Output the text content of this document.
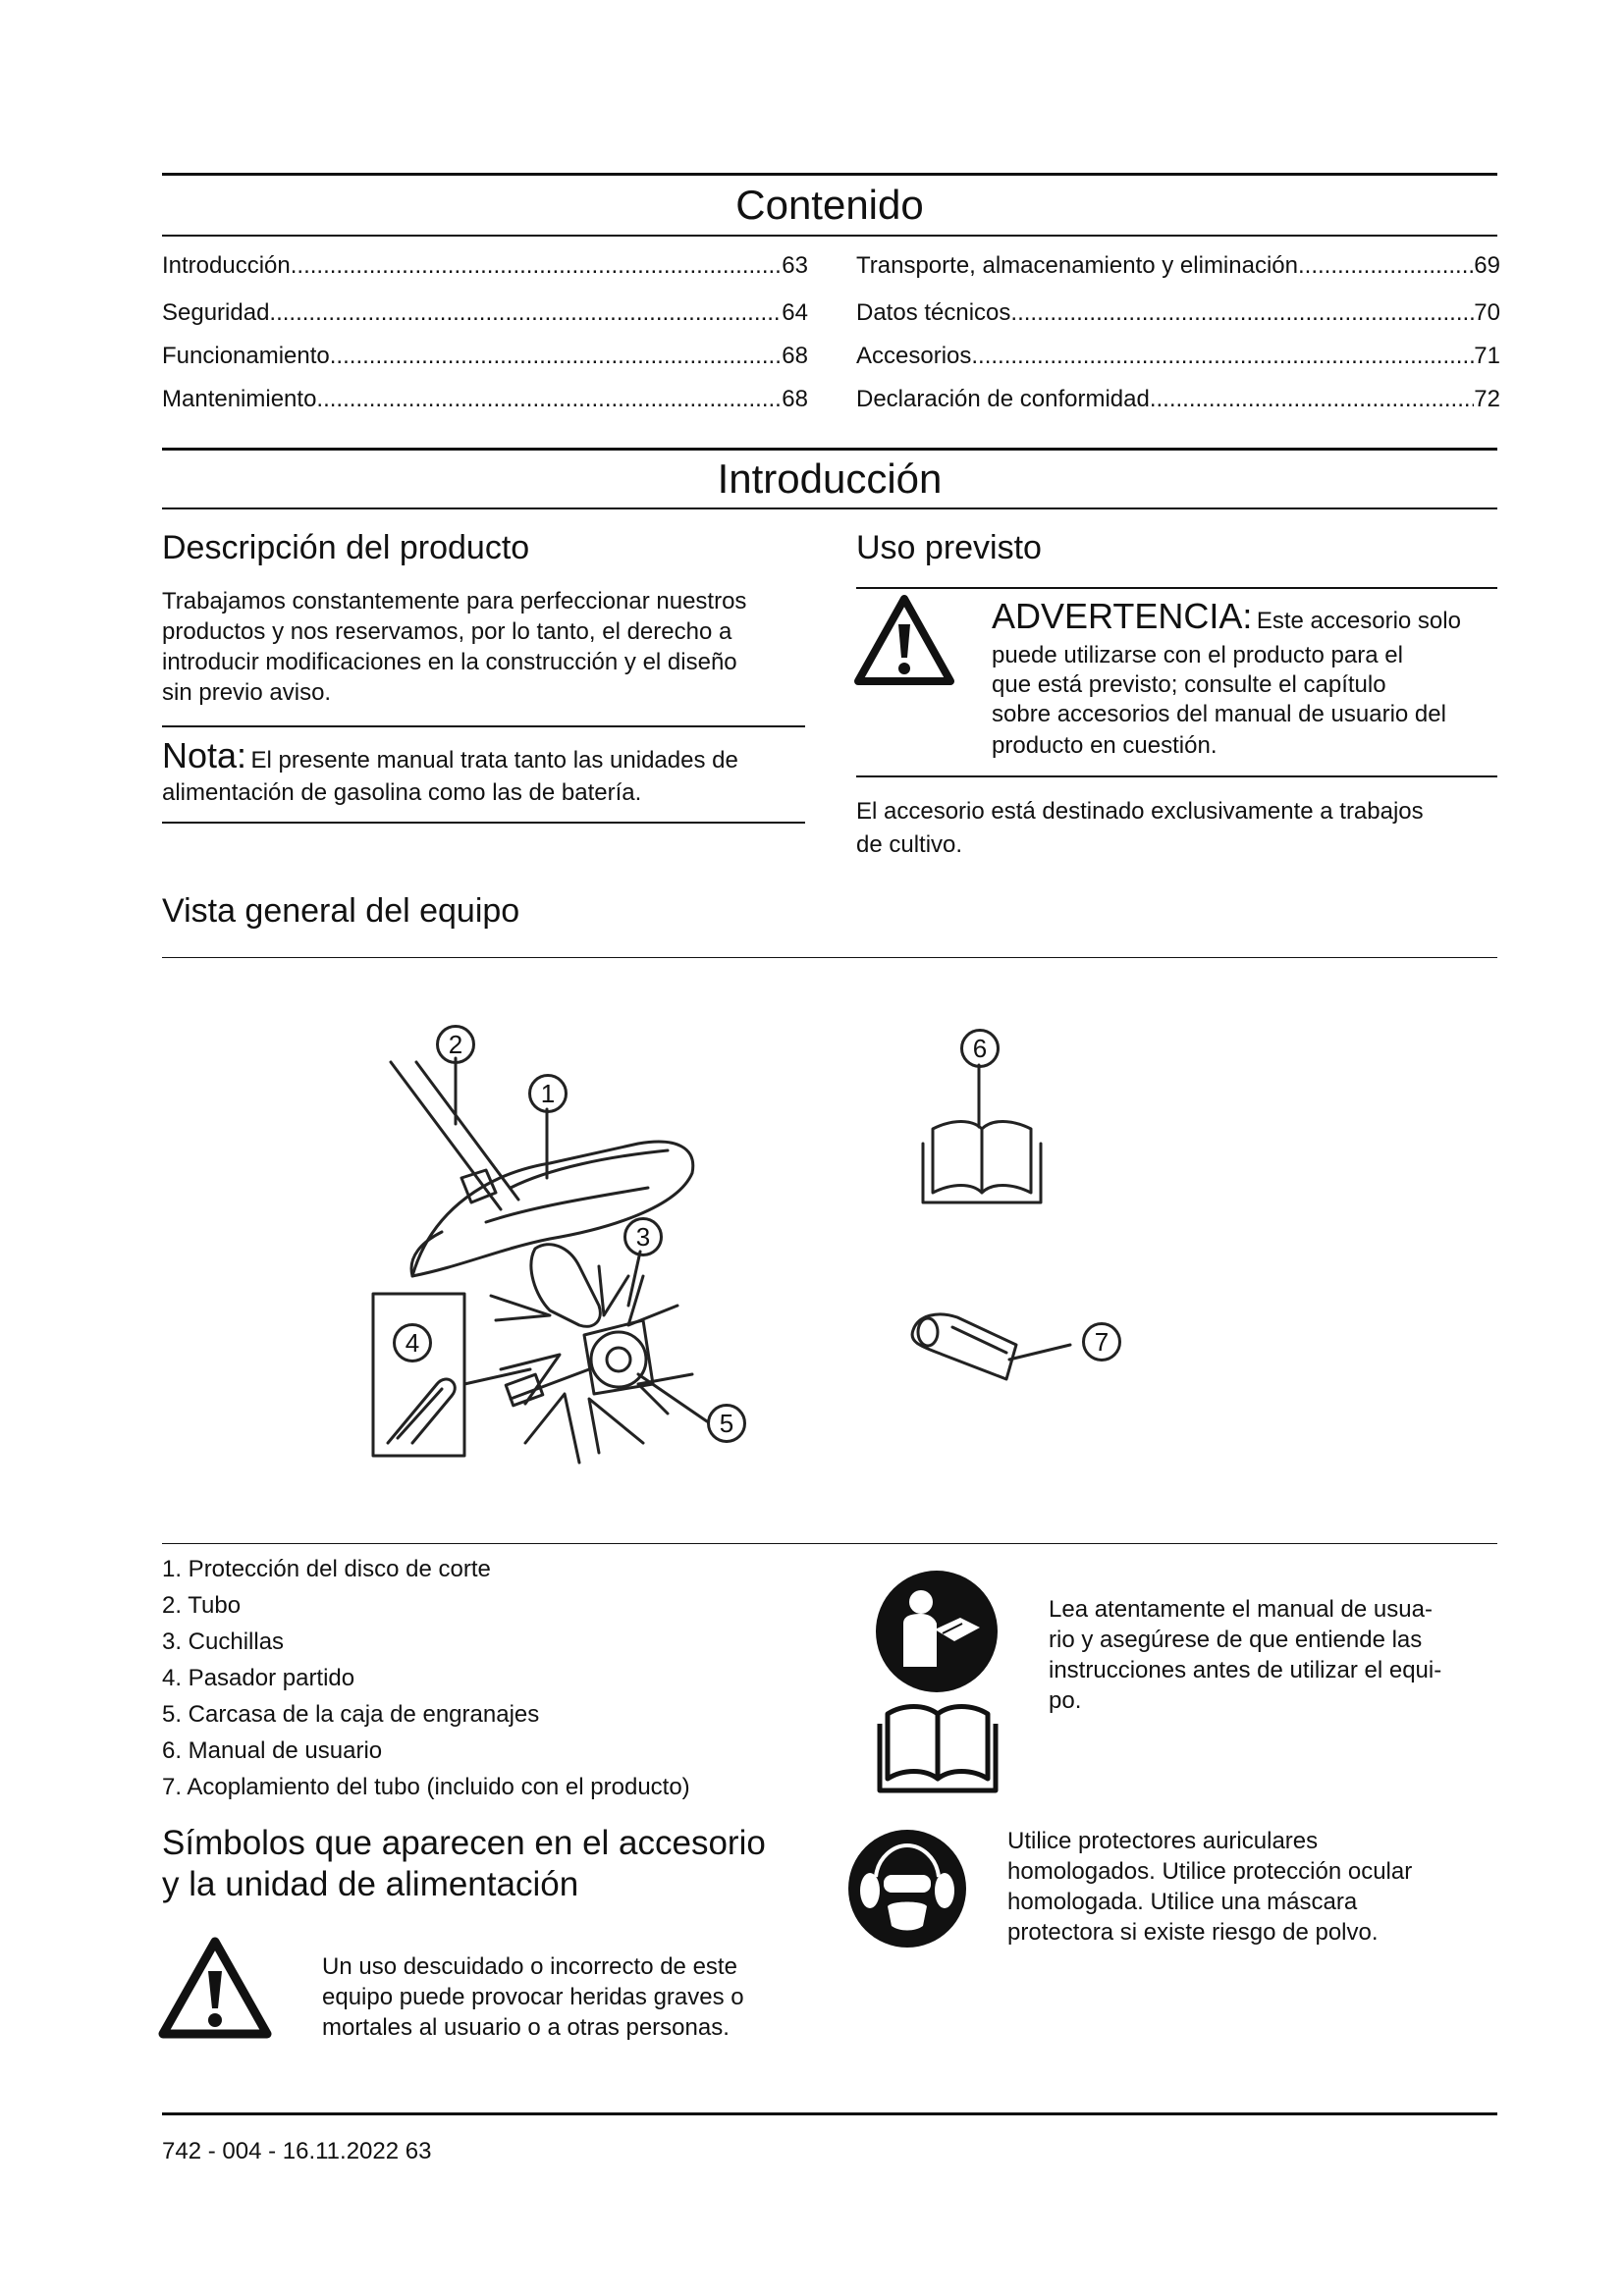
Contenido
Introducción .....	63
Seguridad .....	64
Funcionamiento .....	68
Mantenimiento .....	68
Transporte, almacenamiento y eliminación .....	69
Datos técnicos .....	70
Accesorios .....	71
Declaración de conformidad .....	72
Introducción
Descripción del producto
Trabajamos constantemente para perfeccionar nuestros
productos y nos reservamos, por lo tanto, el derecho a
introducir modificaciones en la construcción y el diseño
sin previo aviso.
Nota: El presente manual trata tanto las unidades de
alimentación de gasolina como las de batería.
Uso previsto
ADVERTENCIA: Este accesorio solo
puede utilizarse con el producto para el
que está previsto; consulte el capítulo
sobre accesorios del manual de usuario del
producto en cuestión.
El accesorio está destinado exclusivamente a trabajos
de cultivo.
Vista general del equipo
2
1
3
4
5
6
7
1. Protección del disco de corte
2. Tubo
3. Cuchillas
4. Pasador partido
5. Carcasa de la caja de engranajes
6. Manual de usuario
7. Acoplamiento del tubo (incluido con el producto)
Símbolos que aparecen en el accesorio
y la unidad de alimentación
Un uso descuidado o incorrecto de este
equipo puede provocar heridas graves o
mortales al usuario o a otras personas.
Lea atentamente el manual de usua-
rio y asegúrese de que entiende las
instrucciones antes de utilizar el equi-
po.
Utilice protectores auriculares
homologados. Utilice protección ocular
homologada. Utilice una máscara
protectora si existe riesgo de polvo.
742 - 004 - 16.11.2022 63
